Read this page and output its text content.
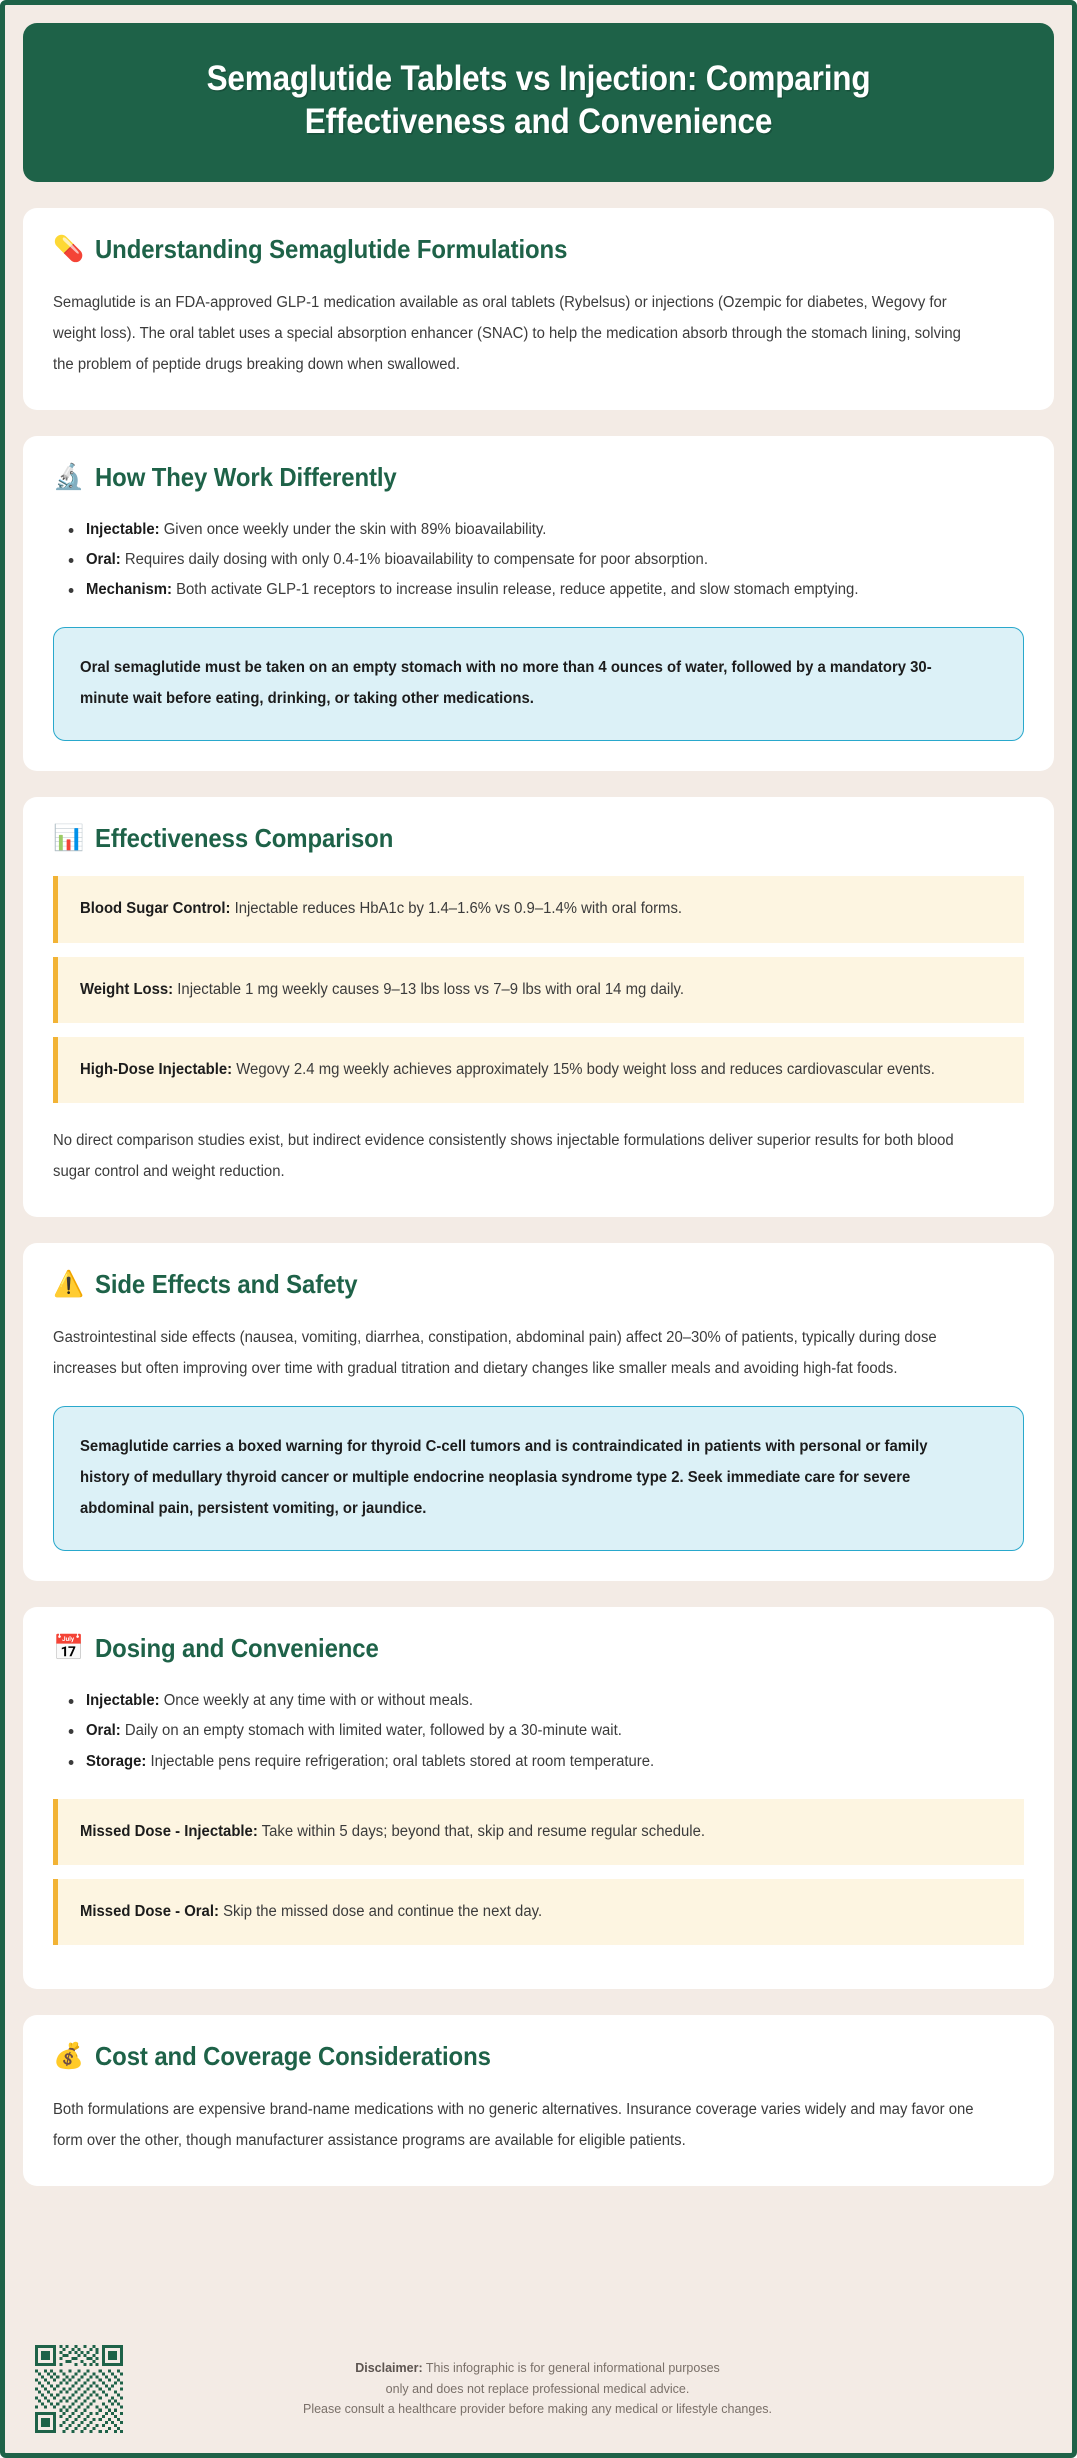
Semaglutide Tablets vs Injection: Comparing Effectiveness and Convenience
💊 Understanding Semaglutide Formulations

Semaglutide is an FDA-approved GLP-1 medication available as oral tablets (Rybelsus) or injections (Ozempic for diabetes, Wegovy for weight loss). The oral tablet uses a special absorption enhancer (SNAC) to help the medication absorb through the stomach lining, solving the problem of peptide drugs breaking down when swallowed.

🔬 How They Work Differently
Injectable: Given once weekly under the skin with 89% bioavailability.
Oral: Requires daily dosing with only 0.4-1% bioavailability to compensate for poor absorption.
Mechanism: Both activate GLP-1 receptors to increase insulin release, reduce appetite, and slow stomach emptying.
Oral semaglutide must be taken on an empty stomach with no more than 4 ounces of water, followed by a mandatory 30-minute wait before eating, drinking, or taking other medications.
📊 Effectiveness Comparison
Blood Sugar Control: Injectable reduces HbA1c by 1.4–1.6% vs 0.9–1.4% with oral forms.
Weight Loss: Injectable 1 mg weekly causes 9–13 lbs loss vs 7–9 lbs with oral 14 mg daily.
High-Dose Injectable: Wegovy 2.4 mg weekly achieves approximately 15% body weight loss and reduces cardiovascular events.

No direct comparison studies exist, but indirect evidence consistently shows injectable formulations deliver superior results for both blood sugar control and weight reduction.

⚠️ Side Effects and Safety

Gastrointestinal side effects (nausea, vomiting, diarrhea, constipation, abdominal pain) affect 20–30% of patients, typically during dose increases but often improving over time with gradual titration and dietary changes like smaller meals and avoiding high-fat foods.

Semaglutide carries a boxed warning for thyroid C-cell tumors and is contraindicated in patients with personal or family history of medullary thyroid cancer or multiple endocrine neoplasia syndrome type 2. Seek immediate care for severe abdominal pain, persistent vomiting, or jaundice.
📅 Dosing and Convenience
Injectable: Once weekly at any time with or without meals.
Oral: Daily on an empty stomach with limited water, followed by a 30-minute wait.
Storage: Injectable pens require refrigeration; oral tablets stored at room temperature.
Missed Dose - Injectable: Take within 5 days; beyond that, skip and resume regular schedule.
Missed Dose - Oral: Skip the missed dose and continue the next day.
💰 Cost and Coverage Considerations

Both formulations are expensive brand-name medications with no generic alternatives. Insurance coverage varies widely and may favor one form over the other, though manufacturer assistance programs are available for eligible patients.

Disclaimer: This infographic is for general informational purposes
only and does not replace professional medical advice.
Please consult a healthcare provider before making any medical or lifestyle changes.
